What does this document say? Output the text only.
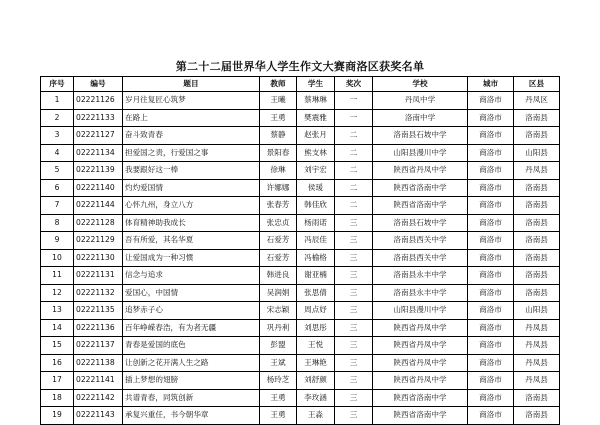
第二十二届世界华人学生作文大赛商洛区获奖名单
序号	编号	题目	教师	学生	奖次	学校	城市	区县
1	02221126	岁月往复匠心筑梦	王曦	蔡琳琳	一	丹凤中学	商洛市	丹凤区
2	02221133	在路上	王勇	樊震雅	一	洛南中学	商洛市	洛南县
3	02221127	奋斗致青春	蔡静	赵张月	二	洛南县石坡中学	商洛市	洛南县
4	02221134	担爱国之责，行爱国之事	景阳春	熊支林	二	山阳县漫川中学	商洛市	山阳县
5	02221139	我要跟好这一棒	徐琳	刘宇宏	二	陕西省丹凤中学	商洛市	丹凤县
6	02221140	灼灼爱国情	许娜娜	侯瑗	二	陕西省洛南中学	商洛市	洛南县
7	02221144	心怀九州，身立八方	张春芳	韩佳欣	二	陕西省洛南中学	商洛市	洛南县
8	02221128	体育精神助我成长	张忠贞	杨雨诺	三	洛南县石坡中学	商洛市	洛南县
9	02221129	吾有所爱，其名华夏	石爱芳	冯辰佳	三	洛南县西关中学	商洛市	洛南县
10	02221130	让爱国成为一种习惯	石爱芳	冯榆格	三	洛南县西关中学	商洛市	洛南县
11	02221131	信念与追求	韩进良	谢亚楠	三	洛南县永丰中学	商洛市	洛南县
12	02221132	爱国心，中国情	吴润娟	张思倩	三	洛南县永丰中学	商洛市	洛南县
13	02221135	追梦赤子心	宋志颖	周点妤	三	山阳县漫川中学	商洛市	山阳县
14	02221136	百年峥嵘春浩，有为者无疆	巩丹利	刘思彤	三	陕西省丹凤中学	商洛市	丹凤县
15	02221137	青春是爱国的底色	彭盟	王悦	三	陕西省丹凤中学	商洛市	丹凤县
16	02221138	让创新之花开满人生之路	王斌	王琳艳	三	陕西省丹凤中学	商洛市	丹凤县
17	02221141	插上梦想的翅膀	杨玲芝	刘舒颜	三	陕西省丹凤中学	商洛市	丹凤县
18	02221142	共谱青春，同筑创新	王勇	李玫涵	三	陕西省洛南中学	商洛市	洛南县
19	02221143	承复兴重任，书今朝华章	王勇	王淼	三	陕西省洛南中学	商洛市	洛南县
